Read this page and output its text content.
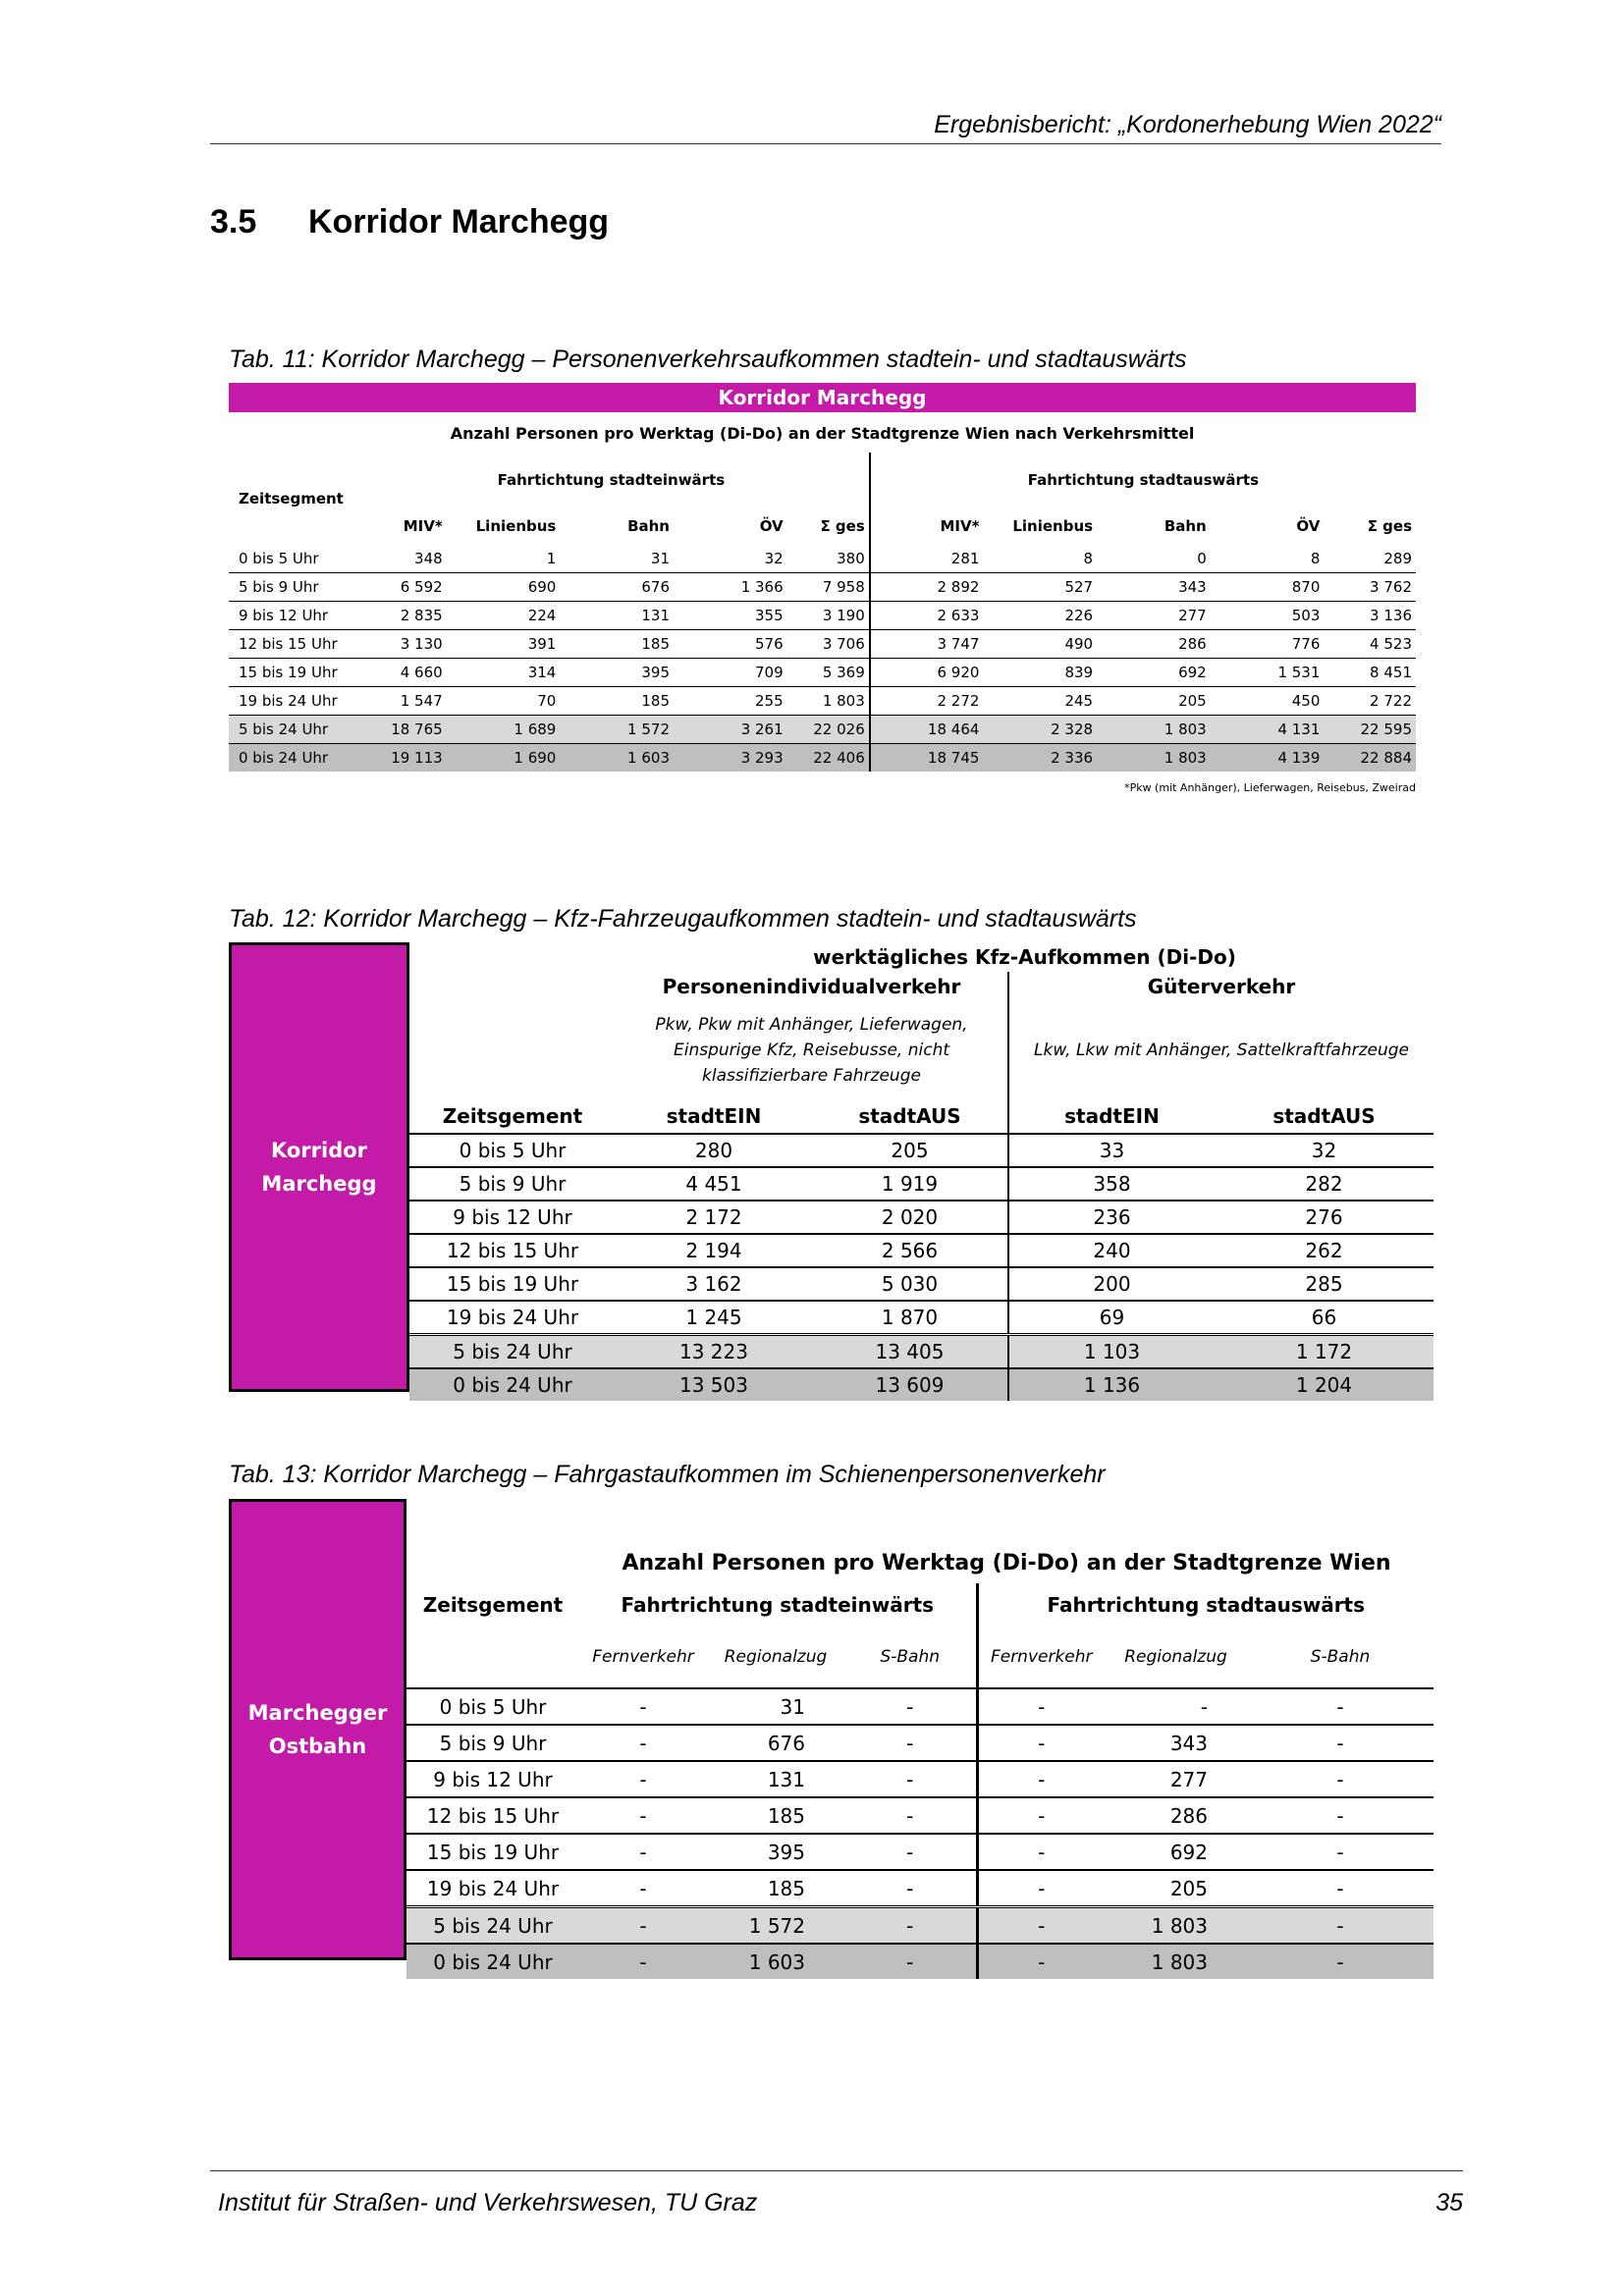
Ergebnisbericht: „Kordonerhebung Wien 2022“
3.5 Korridor Marchegg
Tab. 11: Korridor Marchegg – Personenverkehrsaufkommen stadtein- und stadtauswärts
Korridor Marchegg
Anzahl Personen pro Werktag (Di-Do) an der Stadtgrenze Wien nach Verkehrsmittel
Zeitsegment	Fahrtichtung stadteinwärts					Fahrtichtung stadtauswärts				
	MIV*	Linienbus	Bahn	ÖV	Σ ges	MIV*	Linienbus	Bahn	ÖV	Σ ges
0 bis 5 Uhr	348	1	31	32	380	281	8	0	8	289
5 bis 9 Uhr	6 592	690	676	1 366	7 958	2 892	527	343	870	3 762
9 bis 12 Uhr	2 835	224	131	355	3 190	2 633	226	277	503	3 136
12 bis 15 Uhr	3 130	391	185	576	3 706	3 747	490	286	776	4 523
15 bis 19 Uhr	4 660	314	395	709	5 369	6 920	839	692	1 531	8 451
19 bis 24 Uhr	1 547	70	185	255	1 803	2 272	245	205	450	2 722
5 bis 24 Uhr	18 765	1 689	1 572	3 261	22 026	18 464	2 328	1 803	4 131	22 595
0 bis 24 Uhr	19 113	1 690	1 603	3 293	22 406	18 745	2 336	1 803	4 139	22 884
*Pkw (mit Anhänger), Lieferwagen, Reisebus, Zweirad
Tab. 12: Korridor Marchegg – Kfz-Fahrzeugaufkommen stadtein- und stadtauswärts
Korridor
Marchegg
	werktägliches Kfz-Aufkommen (Di-Do)			
	Personenindividualverkehr		Güterverkehr	
	Pkw, Pkw mit Anhänger, Lieferwagen, Einspurige Kfz, Reisebusse, nicht klassifizierbare Fahrzeuge		Lkw, Lkw mit Anhänger, Sattelkraftfahrzeuge	
Zeitsgement	stadtEIN	stadtAUS	stadtEIN	stadtAUS
0 bis 5 Uhr	280	205	33	32
5 bis 9 Uhr	4 451	1 919	358	282
9 bis 12 Uhr	2 172	2 020	236	276
12 bis 15 Uhr	2 194	2 566	240	262
15 bis 19 Uhr	3 162	5 030	200	285
19 bis 24 Uhr	1 245	1 870	69	66
5 bis 24 Uhr	13 223	13 405	1 103	1 172
0 bis 24 Uhr	13 503	13 609	1 136	1 204
Tab. 13: Korridor Marchegg – Fahrgastaufkommen im Schienenpersonenverkehr
Marchegger
Ostbahn
	Anzahl Personen pro Werktag (Di-Do) an der Stadtgrenze Wien					
Zeitsgement	Fahrtrichtung stadteinwärts			Fahrtrichtung stadtauswärts		
	Fernverkehr	Regionalzug	S-Bahn	Fernverkehr	Regionalzug	S-Bahn
0 bis 5 Uhr	-	31	-	-	-	-
5 bis 9 Uhr	-	676	-	-	343	-
9 bis 12 Uhr	-	131	-	-	277	-
12 bis 15 Uhr	-	185	-	-	286	-
15 bis 19 Uhr	-	395	-	-	692	-
19 bis 24 Uhr	-	185	-	-	205	-
5 bis 24 Uhr	-	1 572	-	-	1 803	-
0 bis 24 Uhr	-	1 603	-	-	1 803	-
Institut für Straßen- und Verkehrswesen, TU Graz	35
